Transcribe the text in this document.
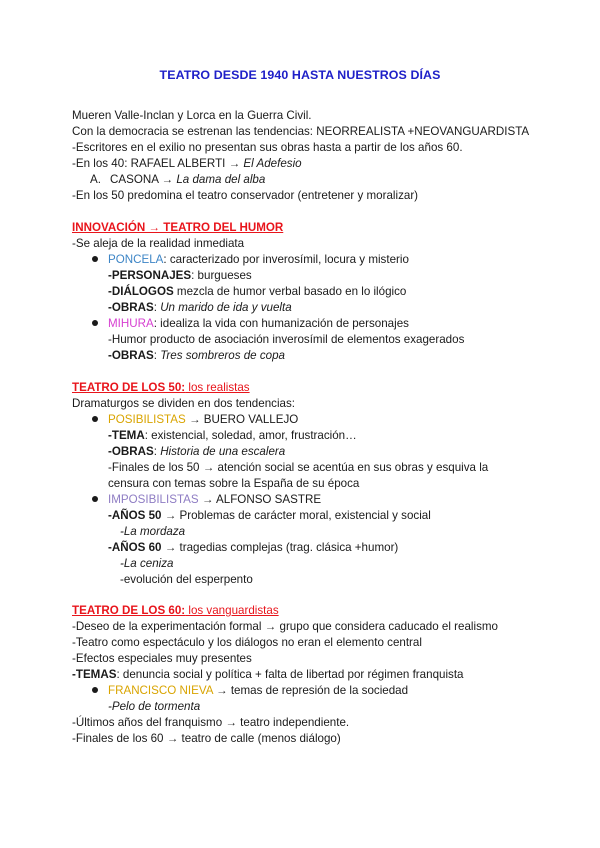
TEATRO DESDE 1940 HASTA NUESTROS DÍAS
Mueren Valle-Inclan y Lorca en la Guerra Civil.
Con la democracia se estrenan las tendencias: NEORREALISTA +NEOVANGUARDISTA
-Escritores en el exilio no presentan sus obras hasta a partir de los años 60.
-En los 40: RAFAEL ALBERTI → El Adefesio
A. CASONA → La dama del alba
-En los 50 predomina el teatro conservador (entretener y moralizar)
INNOVACIÓN → TEATRO DEL HUMOR
-Se aleja de la realidad inmediata
PONCELA: caracterizado por inverosímil, locura y misterio
-PERSONAJES: burgueses
-DIÁLOGOS mezcla de humor verbal basado en lo ilógico
-OBRAS: Un marido de ida y vuelta
MIHURA: idealiza la vida con humanización de personajes
-Humor producto de asociación inverosímil de elementos exagerados
-OBRAS: Tres sombreros de copa
TEATRO DE LOS 50: los realistas
Dramaturgos se dividen en dos tendencias:
POSIBILISTAS → BUERO VALLEJO
-TEMA: existencial, soledad, amor, frustración…
-OBRAS: Historia de una escalera
-Finales de los 50 → atención social se acentúa en sus obras y esquiva la
censura con temas sobre la España de su época
IMPOSIBILISTAS → ALFONSO SASTRE
-AÑOS 50 → Problemas de carácter moral, existencial y social
-La mordaza
-AÑOS 60 → tragedias complejas (trag. clásica +humor)
-La ceniza
-evolución del esperpento
TEATRO DE LOS 60: los vanguardistas
-Deseo de la experimentación formal → grupo que considera caducado el realismo
-Teatro como espectáculo y los diálogos no eran el elemento central
-Efectos especiales muy presentes
-TEMAS: denuncia social y política + falta de libertad por régimen franquista
FRANCISCO NIEVA → temas de represión de la sociedad
-Pelo de tormenta
-Últimos años del franquismo → teatro independiente.
-Finales de los 60 → teatro de calle (menos diálogo)
